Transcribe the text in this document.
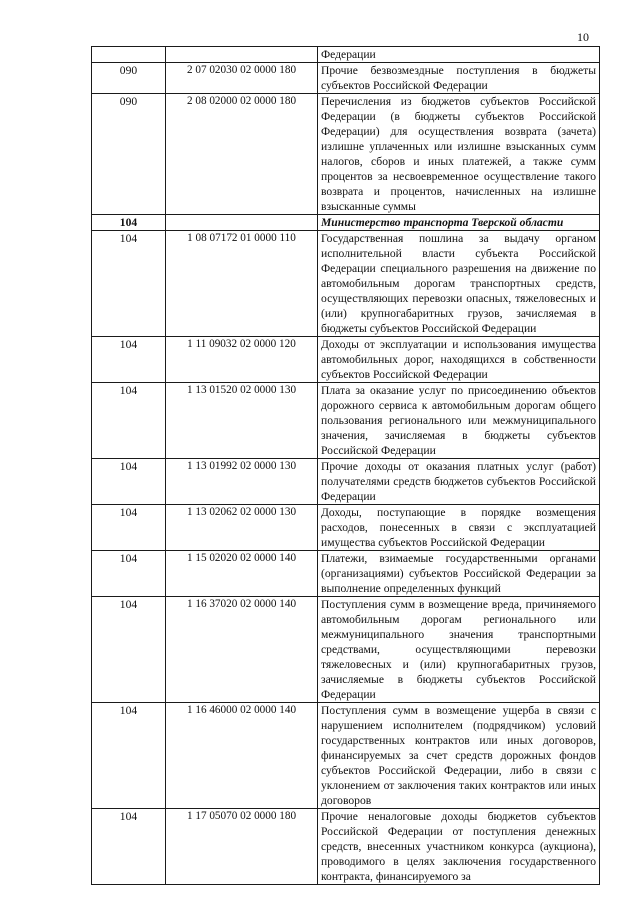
10
		Федерации
090	2 07 02030 02 0000 180	Прочие безвозмездные поступления в бюджеты субъектов Российской Федерации
090	2 08 02000 02 0000 180	Перечисления из бюджетов субъектов Российской Федерации (в бюджеты субъектов Российской Федерации) для осуществления возврата (зачета) излишне уплаченных или излишне взысканных сумм налогов, сборов и иных платежей, а также сумм процентов за несвоевременное осуществление такого возврата и процентов, начисленных на излишне взысканные суммы
104		Министерство транспорта Тверской области
104	1 08 07172 01 0000 110	Государственная пошлина за выдачу органом исполнительной власти субъекта Российской Федерации специального разрешения на движение по автомобильным дорогам транспортных средств, осуществляющих перевозки опасных, тяжеловесных и (или) крупногабаритных грузов, зачисляемая в бюджеты субъектов Российской Федерации
104	1 11 09032 02 0000 120	Доходы от эксплуатации и использования имущества автомобильных дорог, находящихся в собственности субъектов Российской Федерации
104	1 13 01520 02 0000 130	Плата за оказание услуг по присоединению объектов дорожного сервиса к автомобильным дорогам общего пользования регионального или межмуниципального значения, зачисляемая в бюджеты субъектов Российской Федерации
104	1 13 01992 02 0000 130	Прочие доходы от оказания платных услуг (работ) получателями средств бюджетов субъектов Российской Федерации
104	1 13 02062 02 0000 130	Доходы, поступающие в порядке возмещения расходов, понесенных в связи с эксплуатацией имущества субъектов Российской Федерации
104	1 15 02020 02 0000 140	Платежи, взимаемые государственными органами (организациями) субъектов Российской Федерации за выполнение определенных функций
104	1 16 37020 02 0000 140	Поступления сумм в возмещение вреда, причиняемого автомобильным дорогам регионального или межмуниципального значения транспортными средствами, осуществляющими перевозки тяжеловесных и (или) крупногабаритных грузов, зачисляемые в бюджеты субъектов Российской Федерации
104	1 16 46000 02 0000 140	Поступления сумм в возмещение ущерба в связи с нарушением исполнителем (подрядчиком) условий государственных контрактов или иных договоров, финансируемых за счет средств дорожных фондов субъектов Российской Федерации, либо в связи с уклонением от заключения таких контрактов или иных договоров
104	1 17 05070 02 0000 180	Прочие неналоговые доходы бюджетов субъектов Российской Федерации от поступления денежных средств, внесенных участником конкурса (аукциона), проводимого в целях заключения государственного контракта, финансируемого за
